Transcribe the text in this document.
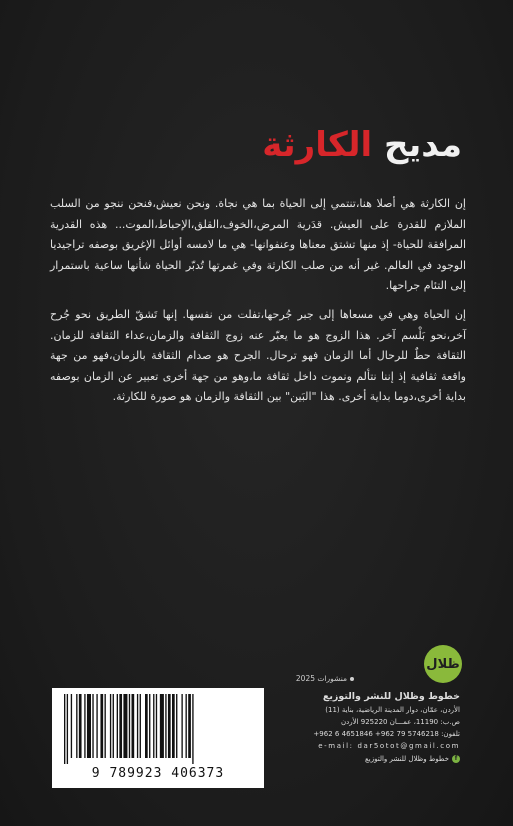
مديح الكارثة

إن الكارثة هي أصلا هنا،تنتمي إلى الحياة بما هي نجاة. ونحن نعيش،فنحن ننجو من السلب الملازم للقدرة على العيش. قدَرية المرض،الخوف،القلق،الإحباط،الموت... هذه القدرية المرافقة للحياة- إذ منها تشتق معناها وعنفوانها- هي ما لامسه أوائل الإغريق بوصفه تراجيديا الوجود في العالم. غير أنه من صلب الكارثة وفي غمرتها تُدبّر الحياة شأنها ساعية باستمرار إلى التئام جراحها.

إن الحياة وهي في مسعاها إلى جبر جُرحها،تفلت من نفسها. إنها تَشقّ الطريق نحو جُرح آخر،نحو بَلْسم آخر. هذا الزوج هو ما يعبّر عنه زوج الثقافة والزمان،عداء الثقافة للزمان. الثقافة حطٌ للرحال أما الزمان فهو ترحال. الجرح هو صدام الثقافة بالزمان،فهو من جهة واقعة ثقافية إذ إننا نتألم ونموت داخل ثقافة ما،وهو من جهة أخرى تعبير عن الزمان بوصفه بداية أخرى،دوما بداية أخرى. هذا "البَين" بين الثقافة والزمان هو صورة للكارثة.

ظلال
منشورات 2025
خطوط وظلال للنشر والتوزيع
الأردن، عمّان، دوار المدينة الرياضية، بناية (11)
ص.ب: 11190، عمـــان 925220 الأردن
تلفون: 5746218 79 962+ 4651846 6 962+
e-mail: dar5otot@gmail.com
f
خطوط وظلال للنشر والتوزيع
9 789923 406373
